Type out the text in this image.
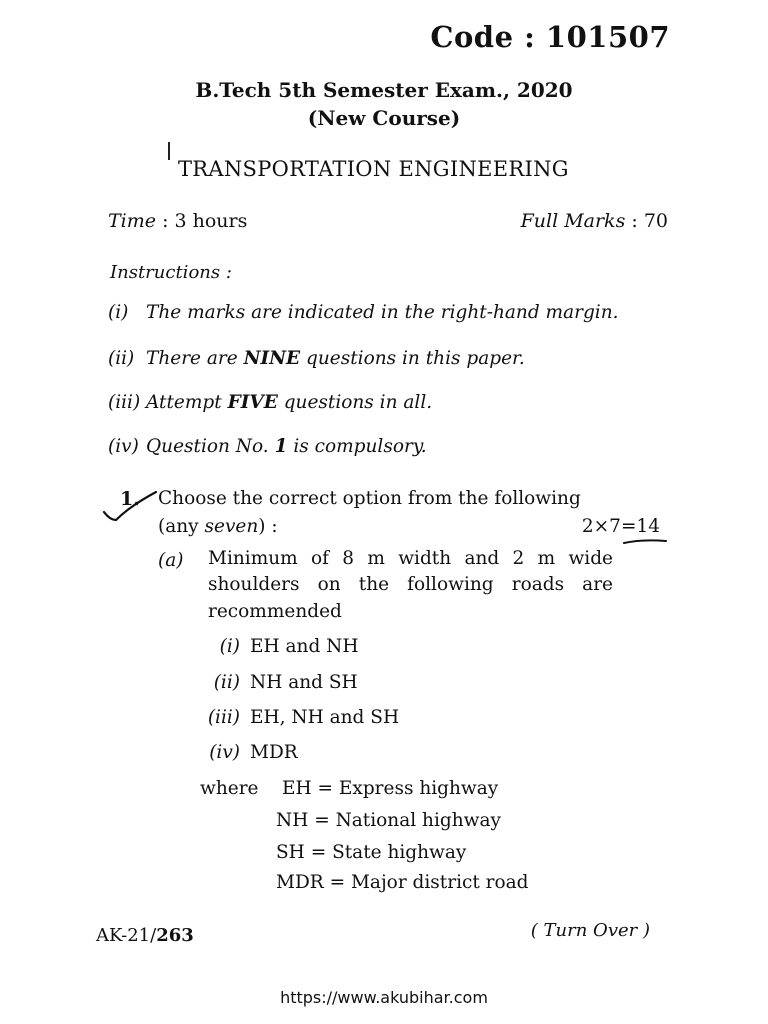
Code : 101507
B.Tech 5th Semester Exam., 2020
(New Course)
TRANSPORTATION ENGINEERING
Time : 3 hours	Full Marks : 70
Instructions :
(i) The marks are indicated in the right-hand margin.
(ii) There are NINE questions in this paper.
(iii) Attempt FIVE questions in all.
(iv) Question No. 1 is compulsory.
1. Choose the correct option from the following
(any seven) :	2×7=14
(a) Minimum of 8 m width and 2 m wide
shoulders on the following roads are
recommended
(i) EH and NH
(ii) NH and SH
(iii) EH, NH and SH
(iv) MDR
where EH = Express highway
NH = National highway
SH = State highway
MDR = Major district road
AK-21/263	( Turn Over )
https://www.akubihar.com
